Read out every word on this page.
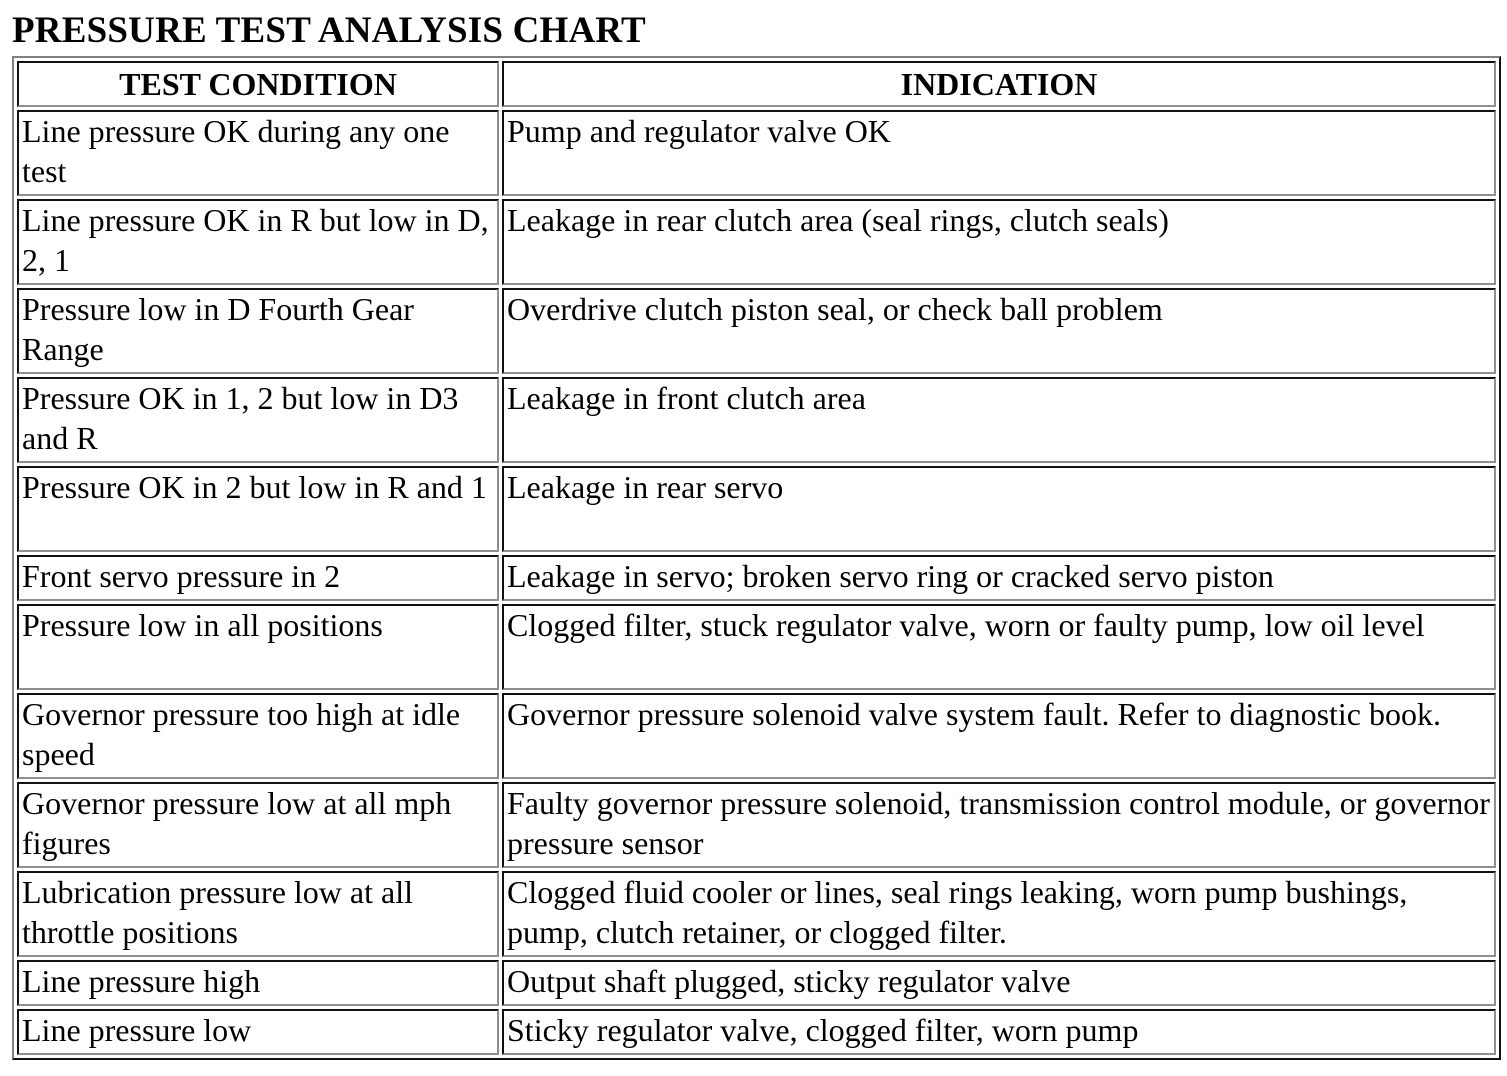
PRESSURE TEST ANALYSIS CHART
TEST CONDITION	INDICATION
Line pressure OK during any one test	Pump and regulator valve OK
Line pressure OK in R but low in D, 2, 1	Leakage in rear clutch area (seal rings, clutch seals)
Pressure low in D Fourth Gear Range	Overdrive clutch piston seal, or check ball problem
Pressure OK in 1, 2 but low in D3 and R	Leakage in front clutch area
Pressure OK in 2 but low in R and 1	Leakage in rear servo
Front servo pressure in 2	Leakage in servo; broken servo ring or cracked servo piston
Pressure low in all positions	Clogged filter, stuck regulator valve, worn or faulty pump, low oil level
Governor pressure too high at idle speed	Governor pressure solenoid valve system fault. Refer to diagnostic book.
Governor pressure low at all mph figures	Faulty governor pressure solenoid, transmission control module, or governor pressure sensor
Lubrication pressure low at all throttle positions	Clogged fluid cooler or lines, seal rings leaking, worn pump bushings, pump, clutch retainer, or clogged filter.
Line pressure high	Output shaft plugged, sticky regulator valve
Line pressure low	Sticky regulator valve, clogged filter, worn pump
